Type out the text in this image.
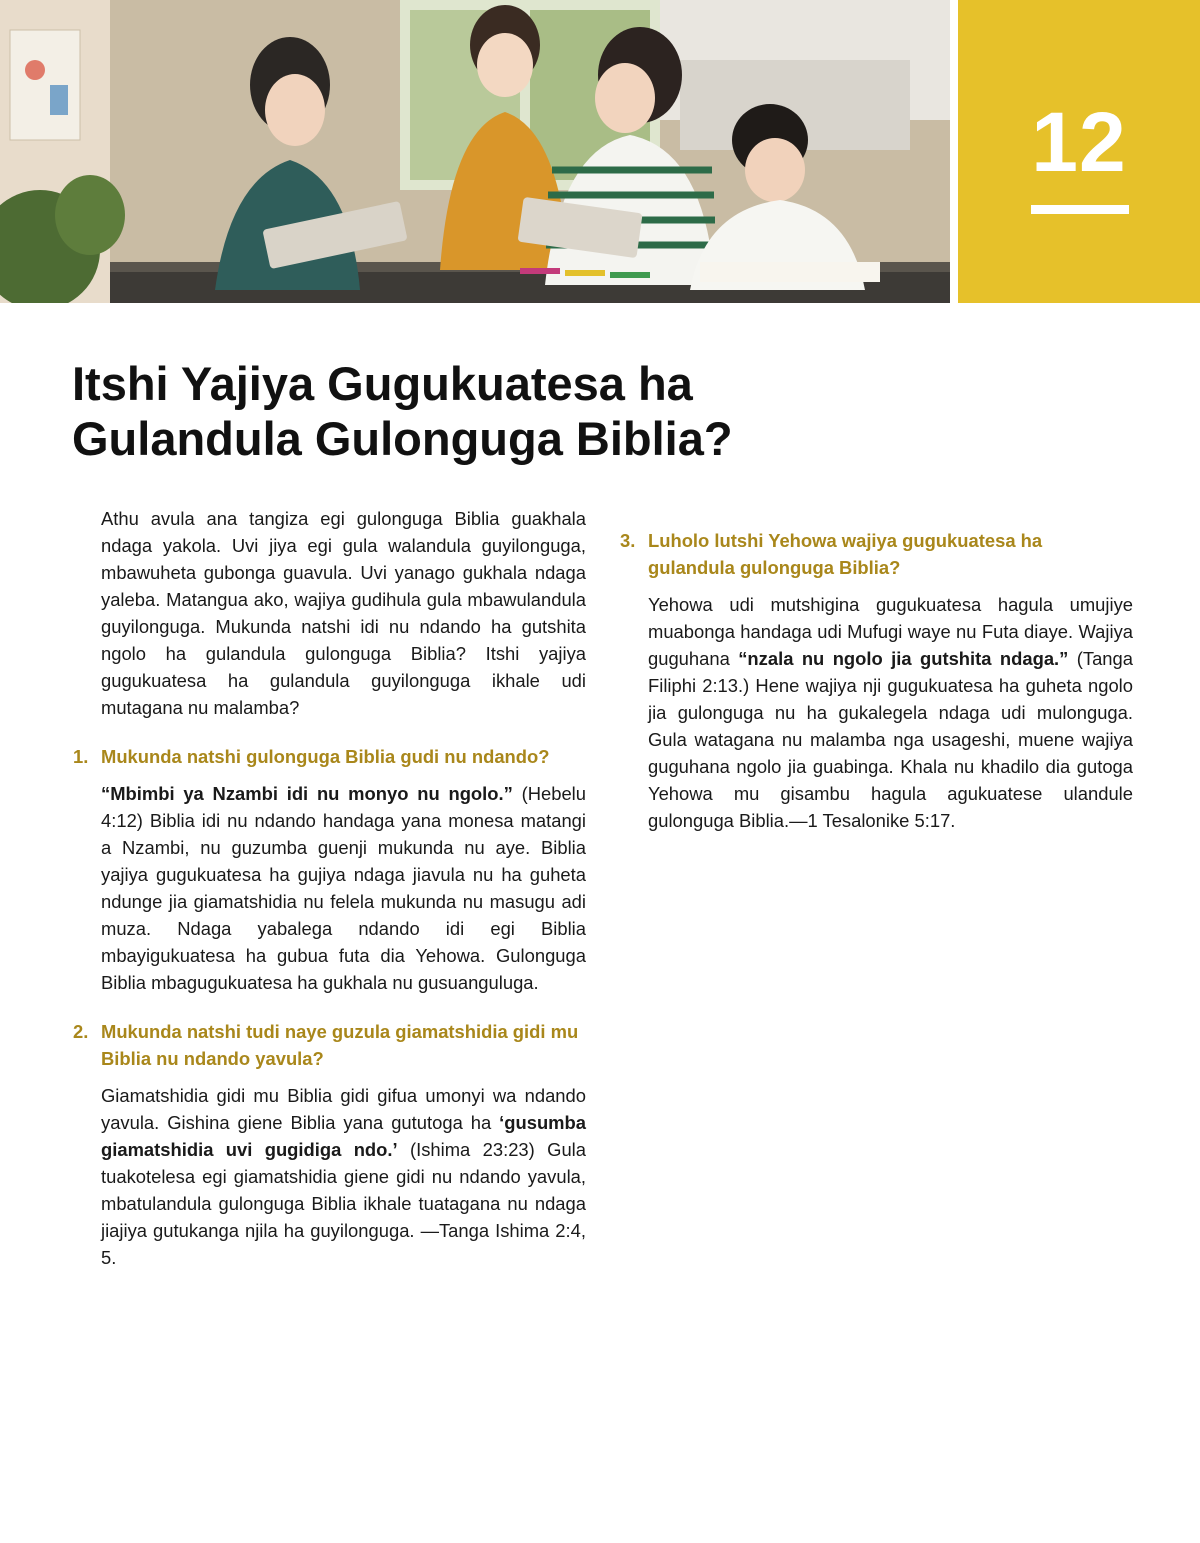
12
Itshi Yajiya Gugukuatesa ha
Gulandula Gulonguga Biblia?

Athu avula ana tangiza egi gulonguga Biblia guakhala ndaga yakola. Uvi jiya egi gula walandula guyilonguga, mbawuheta gubonga guavula. Uvi yanago gukhala ndaga yaleba. Matangua ako, wajiya gudihula gula mbawulandula guyilonguga. Mukunda natshi idi nu ndando ha gutshita ngolo ha gulandula gulonguga Biblia? Itshi yajiya gugukuatesa ha gulandula guyilonguga ikhale udi mutagana nu malamba?

1. Mukunda natshi gulonguga Biblia gudi nu ndando?

“Mbimbi ya Nzambi idi nu monyo nu ngolo.” (Hebelu 4:12) Biblia idi nu ndando handaga yana monesa matangi a Nzambi, nu guzumba guenji mukunda nu aye. Biblia yajiya gugukuatesa ha gujiya ndaga jiavula nu ha guheta ndunge jia giamatshidia nu felela mukunda nu masugu adi muza. Ndaga yabalega ndando idi egi Biblia mbayigukuatesa ha gubua futa dia Yehowa. Gulonguga Biblia mbagugukuatesa ha gukhala nu gusuanguluga.

2. Mukunda natshi tudi naye guzula giamatshidia gidi mu Biblia nu ndando yavula?

Giamatshidia gidi mu Biblia gidi gifua umonyi wa ndando yavula. Gishina giene Biblia yana gututoga ha ‘gusumba giamatshidia uvi gugidiga ndo.’ (Ishima 23:23) Gula tuakotelesa egi giamatshidia giene gidi nu ndando yavula, mbatulandula gulonguga Biblia ikhale tuatagana nu ndaga jiajiya gutukanga njila ha guyilonguga. —Tanga Ishima 2:4, 5.

3. Luholo lutshi Yehowa wajiya gugukuatesa ha gulandula gulonguga Biblia?

Yehowa udi mutshigina gugukuatesa hagula umujiye muabonga handaga udi Mufugi waye nu Futa diaye. Wajiya guguhana “nzala nu ngolo jia gutshita ndaga.” (Tanga Filiphi 2:13.) Hene wajiya nji gugukuatesa ha guheta ngolo jia gulonguga nu ha gukalegela ndaga udi mulonguga. Gula watagana nu malamba nga usageshi, muene wajiya guguhana ngolo jia guabinga. Khala nu khadilo dia gutoga Yehowa mu gisambu hagula agukuatese ulandule gulonguga Biblia.—1 Tesalonike 5:17.
